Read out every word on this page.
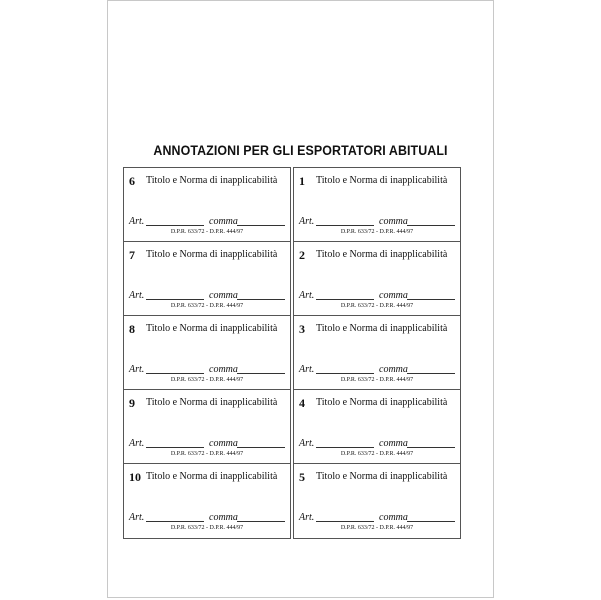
ANNOTAZIONI PER GLI ESPORTATORI ABITUALI
6 Titolo e Norma di inapplicabilità
Art.	comma
D.P.R. 633/72 - D.P.R. 444/97
7 Titolo e Norma di inapplicabilità
Art.	comma
D.P.R. 633/72 - D.P.R. 444/97
8 Titolo e Norma di inapplicabilità
Art.	comma
D.P.R. 633/72 - D.P.R. 444/97
9 Titolo e Norma di inapplicabilità
Art.	comma
D.P.R. 633/72 - D.P.R. 444/97
10 Titolo e Norma di inapplicabilità
Art.	comma
D.P.R. 633/72 - D.P.R. 444/97
1 Titolo e Norma di inapplicabilità
Art.	comma
D.P.R. 633/72 - D.P.R. 444/97
2 Titolo e Norma di inapplicabilità
Art.	comma
D.P.R. 633/72 - D.P.R. 444/97
3 Titolo e Norma di inapplicabilità
Art.	comma
D.P.R. 633/72 - D.P.R. 444/97
4 Titolo e Norma di inapplicabilità
Art.	comma
D.P.R. 633/72 - D.P.R. 444/97
5 Titolo e Norma di inapplicabilità
Art.	comma
D.P.R. 633/72 - D.P.R. 444/97
